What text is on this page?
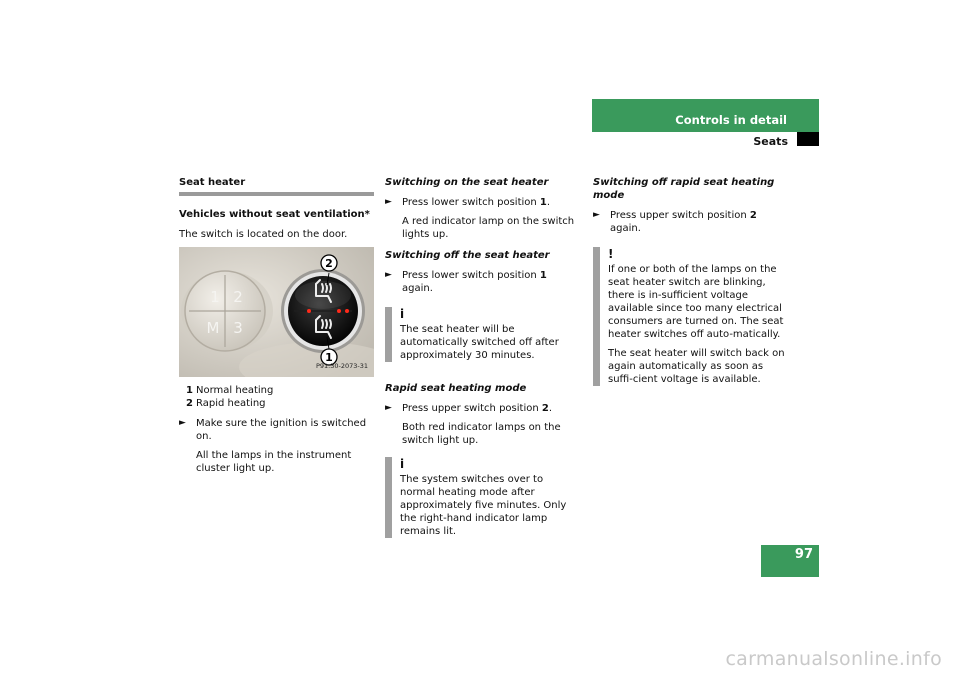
Controls in detail
Seats
Seat heater
Vehicles without seat ventilation*
The switch is located on the door.
1 2
M 3
2
1
P91.30-2073-31
1 Normal heating
2 Rapid heating
► Make sure the ignition is switched on.
All the lamps in the instrument cluster light up.
Switching on the seat heater
► Press lower switch position 1.
A red indicator lamp on the switch lights up.
Switching off the seat heater
► Press lower switch position 1 again.
i

The seat heater will be automatically switched off after approximately 30 minutes.

Rapid seat heating mode
► Press upper switch position 2.
Both red indicator lamps on the switch light up.
i

The system switches over to normal heating mode after approximately five minutes. Only the right-hand indicator lamp remains lit.

Switching off rapid seat heating mode
► Press upper switch position 2 again.
!

If one or both of the lamps on the seat heater switch are blinking, there is in-sufficient voltage available since too many electrical consumers are turned on. The seat heater switches off auto-matically.

The seat heater will switch back on again automatically as soon as suffi-cient voltage is available.

97
carmanualsonline.info
